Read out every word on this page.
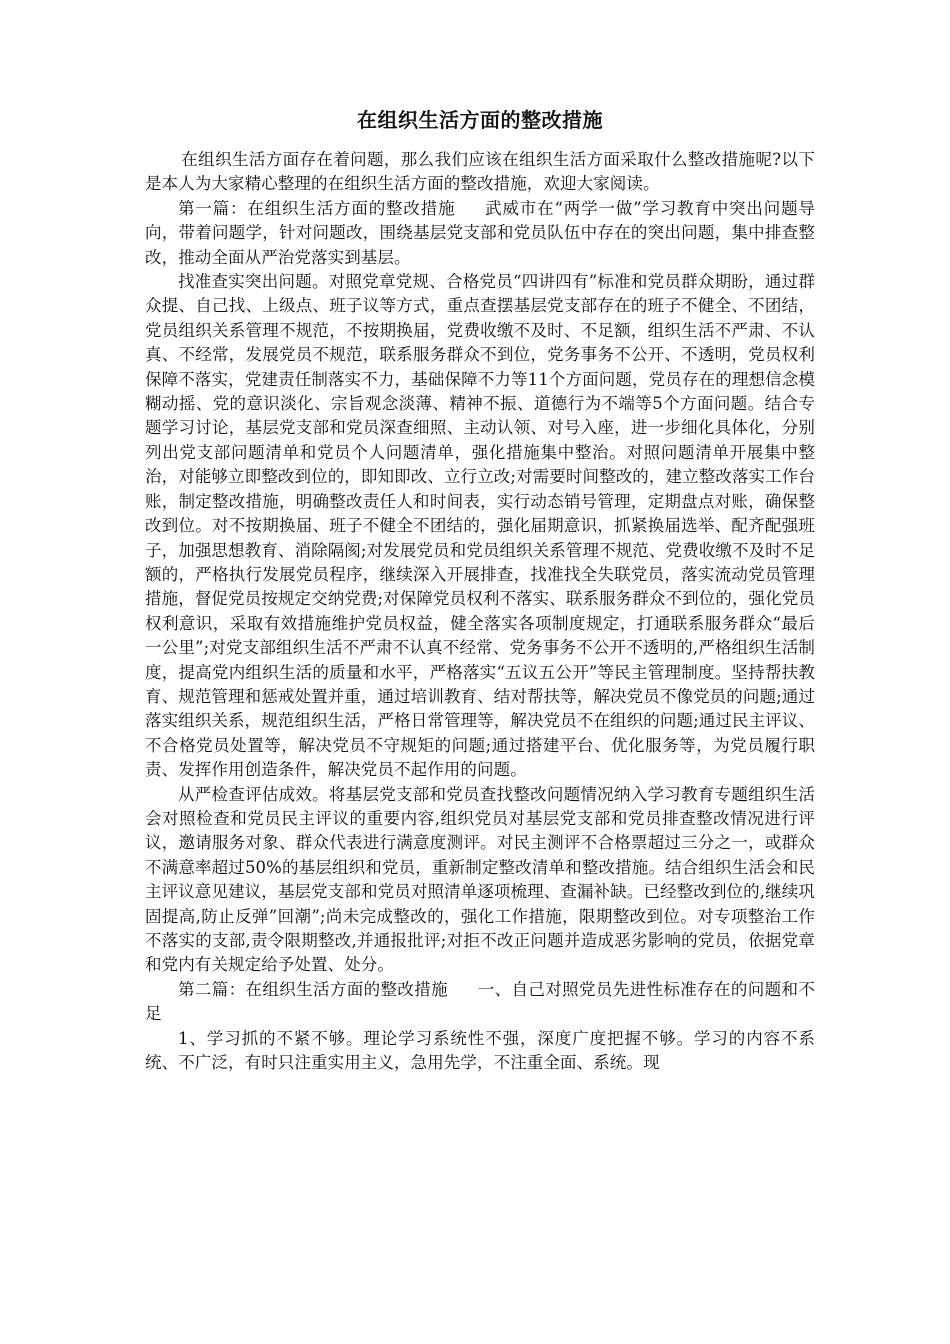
在组织生活方面的整改措施

在组织生活方面存在着问题，那么我们应该在组织生活方面采取什么整改措施呢?以下是本人为大家精心整理的在组织生活方面的整改措施，欢迎大家阅读。

第一篇：在组织生活方面的整改措施 武威市在“两学一做”学习教育中突出问题导向，带着问题学，针对问题改，围绕基层党支部和党员队伍中存在的突出问题，集中排查整改，推动全面从严治党落实到基层。

找准查实突出问题。对照党章党规、合格党员“四讲四有”标准和党员群众期盼，通过群众提、自己找、上级点、班子议等方式，重点查摆基层党支部存在的班子不健全、不团结，党员组织关系管理不规范，不按期换届，党费收缴不及时、不足额，组织生活不严肃、不认真、不经常，发展党员不规范，联系服务群众不到位，党务事务不公开、不透明，党员权利保障不落实，党建责任制落实不力，基础保障不力等11个方面问题，党员存在的理想信念模糊动摇、党的意识淡化、宗旨观念淡薄、精神不振、道德行为不端等5个方面问题。结合专题学习讨论，基层党支部和党员深查细照、主动认领、对号入座，进一步细化具体化，分别列出党支部问题清单和党员个人问题清单，强化措施集中整治。对照问题清单开展集中整治，对能够立即整改到位的，即知即改、立行立改;对需要时间整改的，建立整改落实工作台账，制定整改措施，明确整改责任人和时间表，实行动态销号管理，定期盘点对账，确保整改到位。对不按期换届、班子不健全不团结的，强化届期意识，抓紧换届选举、配齐配强班子，加强思想教育、消除隔阂;对发展党员和党员组织关系管理不规范、党费收缴不及时不足额的，严格执行发展党员程序，继续深入开展排查，找准找全失联党员，落实流动党员管理措施，督促党员按规定交纳党费;对保障党员权利不落实、联系服务群众不到位的，强化党员权利意识，采取有效措施维护党员权益，健全落实各项制度规定，打通联系服务群众“最后一公里”;对党支部组织生活不严肃不认真不经常、党务事务不公开不透明的,严格组织生活制度，提高党内组织生活的质量和水平，严格落实“五议五公开”等民主管理制度。坚持帮扶教育、规范管理和惩戒处置并重，通过培训教育、结对帮扶等，解决党员不像党员的问题;通过落实组织关系，规范组织生活，严格日常管理等，解决党员不在组织的问题;通过民主评议、不合格党员处置等，解决党员不守规矩的问题;通过搭建平台、优化服务等，为党员履行职责、发挥作用创造条件，解决党员不起作用的问题。

从严检查评估成效。将基层党支部和党员查找整改问题情况纳入学习教育专题组织生活会对照检查和党员民主评议的重要内容,组织党员对基层党支部和党员排查整改情况进行评议，邀请服务对象、群众代表进行满意度测评。对民主测评不合格票超过三分之一，或群众不满意率超过50%的基层组织和党员，重新制定整改清单和整改措施。结合组织生活会和民主评议意见建议，基层党支部和党员对照清单逐项梳理、查漏补缺。已经整改到位的,继续巩固提高,防止反弹”回潮”;尚未完成整改的，强化工作措施，限期整改到位。对专项整治工作不落实的支部,责令限期整改,并通报批评;对拒不改正问题并造成恶劣影响的党员，依据党章和党内有关规定给予处置、处分。

第二篇：在组织生活方面的整改措施 一、自己对照党员先进性标准存在的问题和不足

1、学习抓的不紧不够。理论学习系统性不强，深度广度把握不够。学习的内容不系统、不广泛，有时只注重实用主义，急用先学，不注重全面、系统。现
